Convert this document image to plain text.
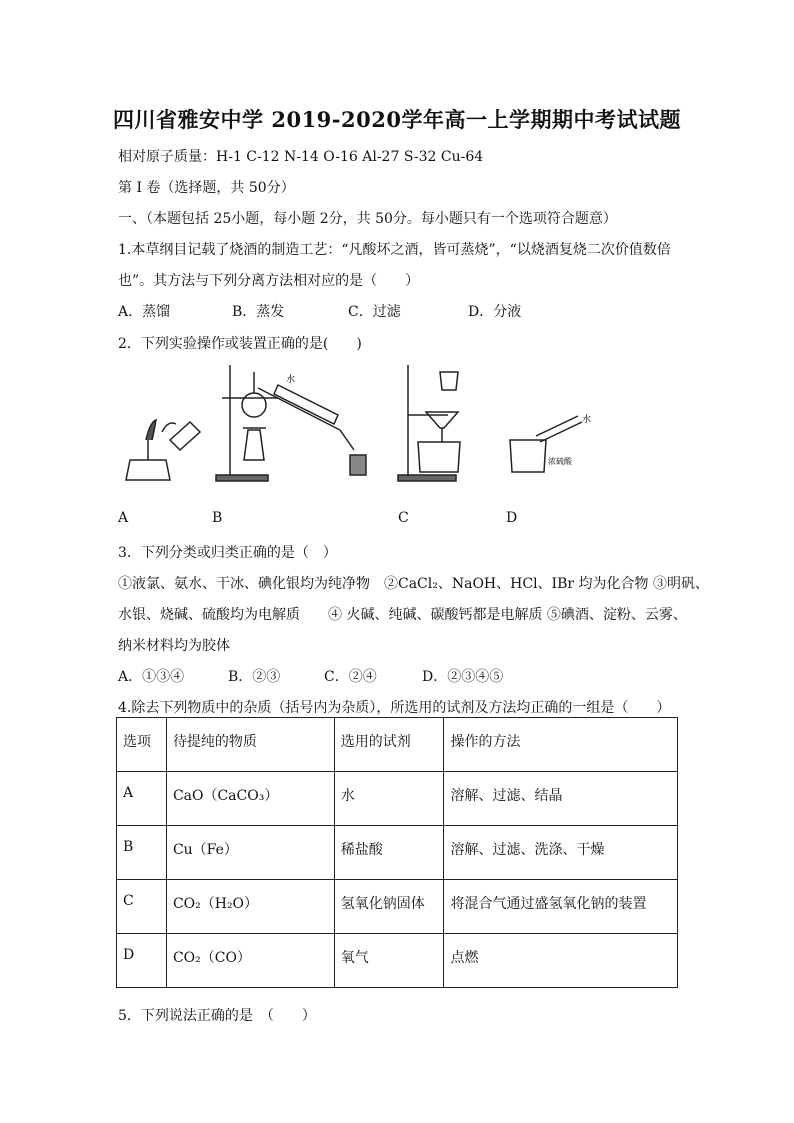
四川省雅安中学 2019-2020学年高一上学期期中考试试题
相对原子质量：H-1 C-12 N-14 O-16 Al-27 S-32 Cu-64
第 I 卷（选择题，共 50分）
一、（本题包括 25小题，每小题 2分，共 50分。每小题只有一个选项符合题意）
1.本草纲目记载了烧酒的制造工艺：“凡酸坏之酒，皆可蒸烧”，“以烧酒复烧二次价值数倍
也”。其方法与下列分离方法相对应的是（　　）
A．蒸馏	B．蒸发	C．过滤	D．分液
2．下列实验操作或装置正确的是(　　)
水
水
浓硫酸
A	B	C	D
3．下列分类或归类正确的是（　）
①液氯、氨水、干冰、碘化银均为纯净物　②CaCl₂、NaOH、HCl、IBr 均为化合物 ③明矾、
水银、烧碱、硫酸均为电解质　　④ 火碱、纯碱、碳酸钙都是电解质 ⑤碘酒、淀粉、云雾、
纳米材料均为胶体
A．①③④	B．②③	C．②④	D．②③④⑤
4.除去下列物质中的杂质（括号内为杂质），所选用的试剂及方法均正确的一组是（　　）
选项	待提纯的物质	选用的试剂	操作的方法
A	CaO（CaCO₃）	水	溶解、过滤、结晶
B	Cu（Fe）	稀盐酸	溶解、过滤、洗涤、干燥
C	CO₂（H₂O）	氢氧化钠固体	将混合气通过盛氢氧化钠的装置
D	CO₂（CO）	氧气	点燃
5．下列说法正确的是　（　　）
